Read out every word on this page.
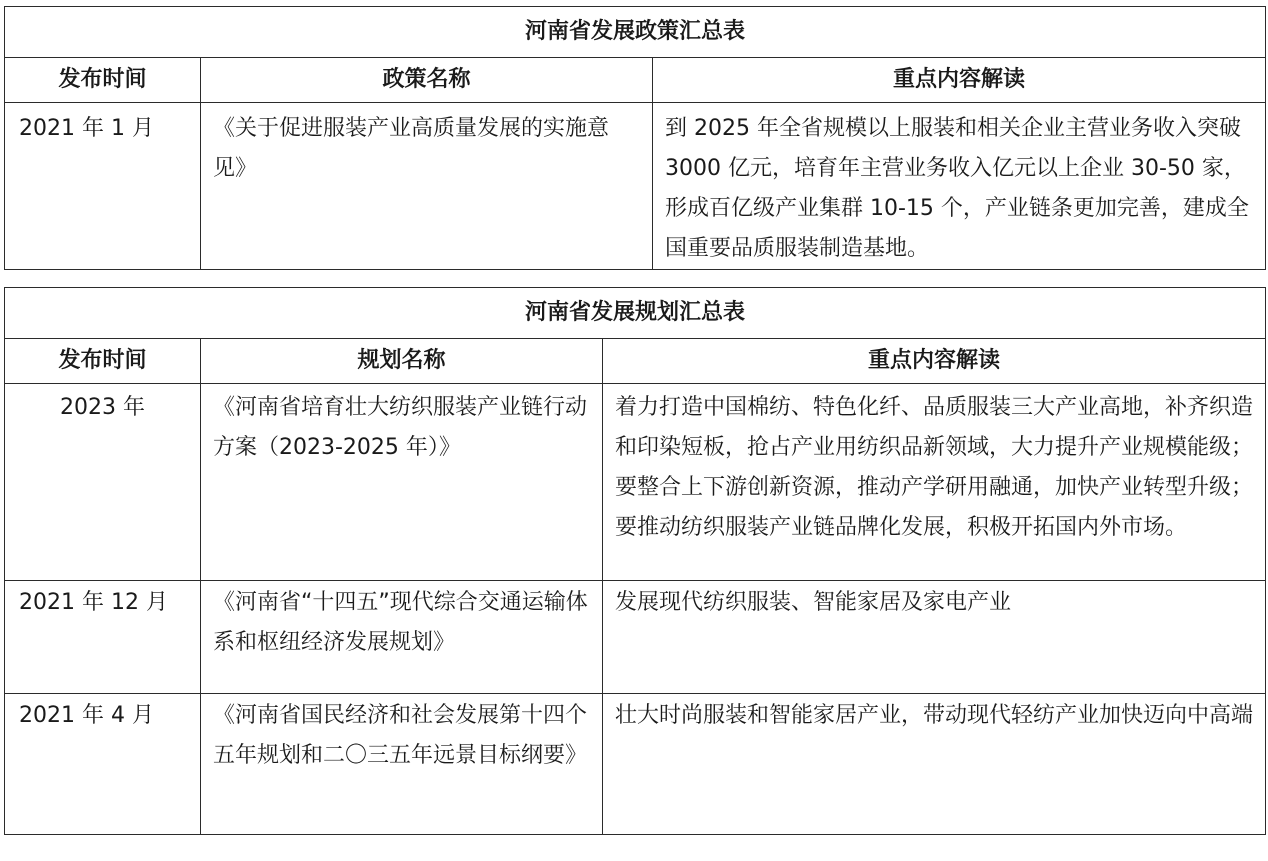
河南省发展政策汇总表		
发布时间	政策名称	重点内容解读
2021 年 1 月	《关于促进服装产业高质量发展的实施意见》	到 2025 年全省规模以上服装和相关企业主营业务收入突破 3000 亿元，培育年主营业务收入亿元以上企业 30-50 家，形成百亿级产业集群 10-15 个，产业链条更加完善，建成全国重要品质服装制造基地。
河南省发展规划汇总表		
发布时间	规划名称	重点内容解读
2023 年	《河南省培育壮大纺织服装产业链行动方案（2023-2025 年）》	着力打造中国棉纺、特色化纤、品质服装三大产业高地，补齐织造和印染短板，抢占产业用纺织品新领域，大力提升产业规模能级；要整合上下游创新资源，推动产学研用融通，加快产业转型升级；要推动纺织服装产业链品牌化发展，积极开拓国内外市场。
2021 年 12 月	《河南省“十四五”现代综合交通运输体系和枢纽经济发展规划》	发展现代纺织服装、智能家居及家电产业
2021 年 4 月	《河南省国民经济和社会发展第十四个五年规划和二〇三五年远景目标纲要》	壮大时尚服装和智能家居产业，带动现代轻纺产业加快迈向中高端
